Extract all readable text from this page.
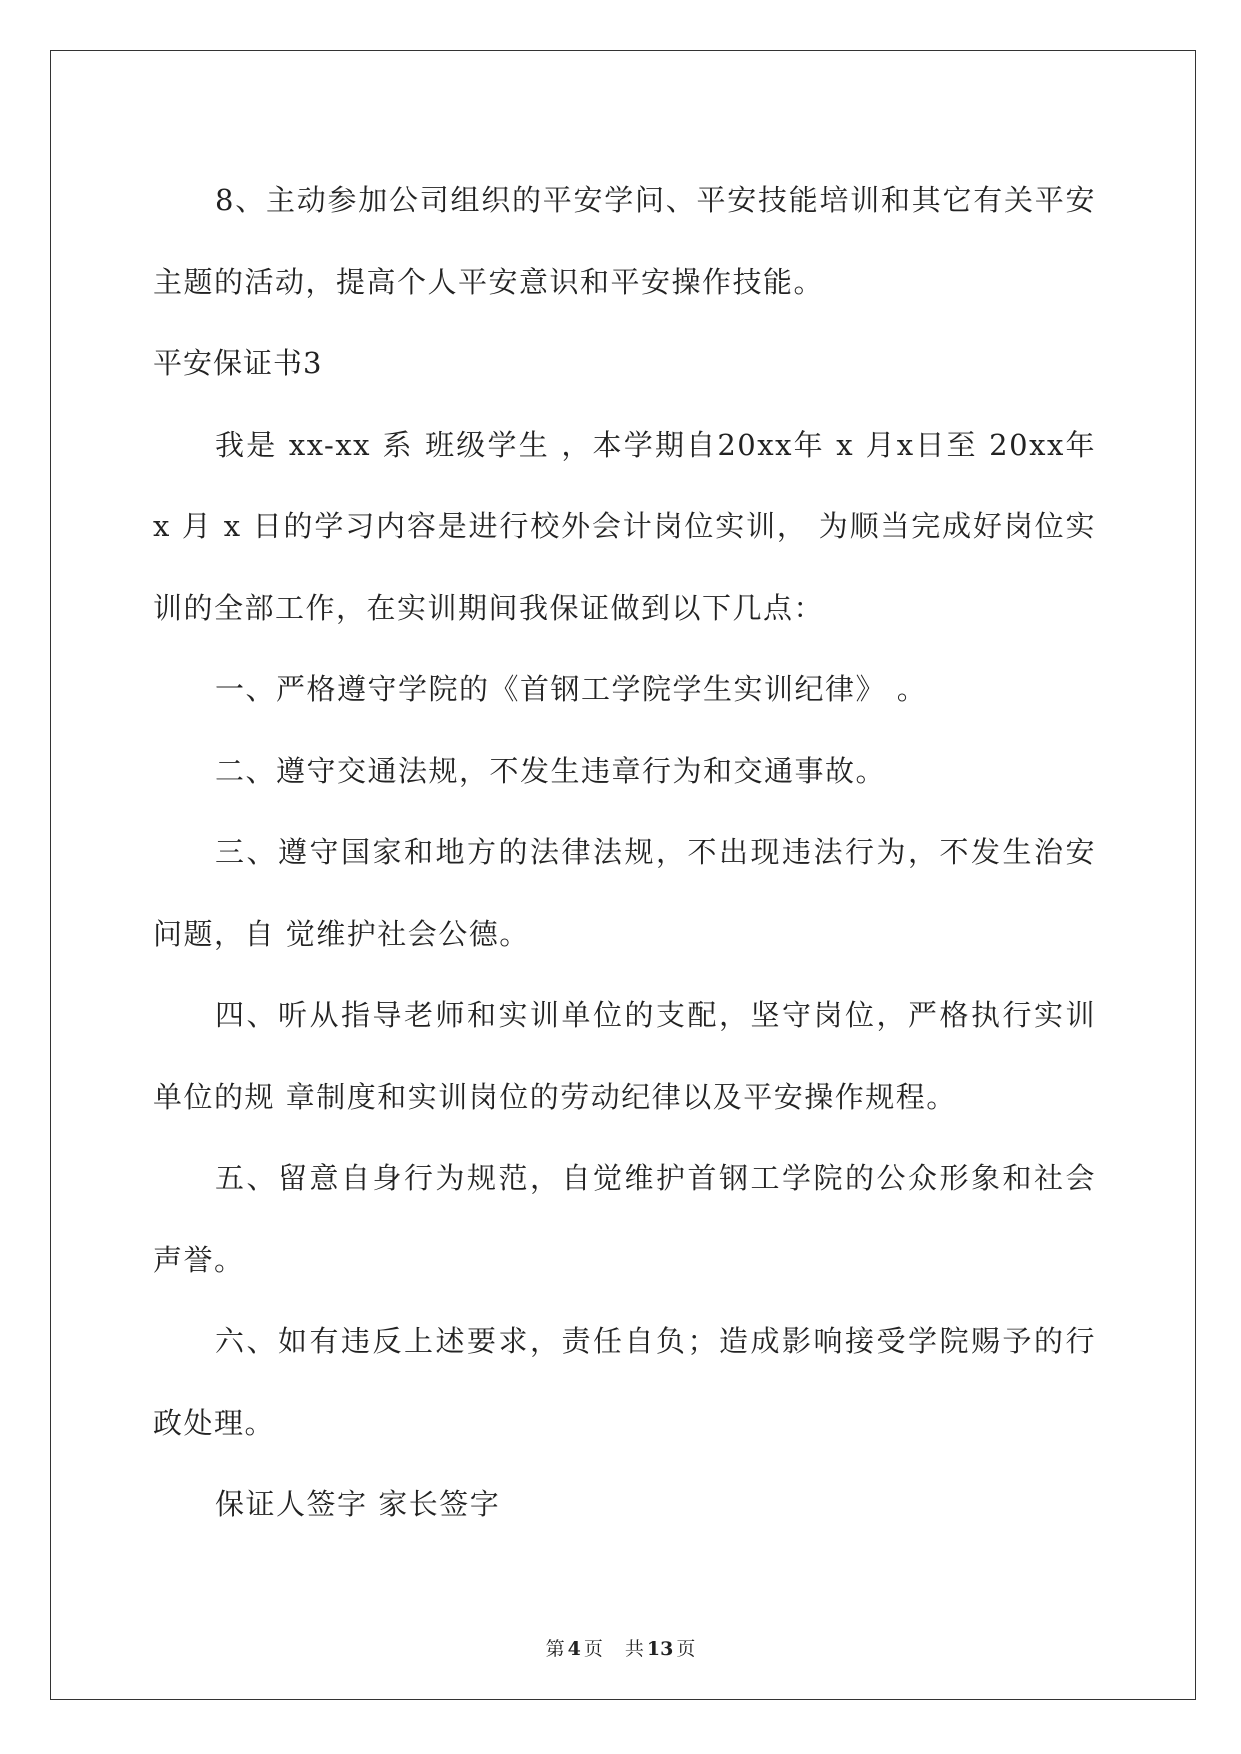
8、主动参加公司组织的平安学问、平安技能培训和其它有关平安主题的活动，提高个人平安意识和平安操作技能。

平安保证书3

我是 xx-xx 系 班级学生 ，本学期自20xx年 x 月x日至 20xx年 x 月 x 日的学习内容是进行校外会计岗位实训， 为顺当完成好岗位实训的全部工作，在实训期间我保证做到以下几点：

一、严格遵守学院的《首钢工学院学生实训纪律》 。

二、遵守交通法规，不发生违章行为和交通事故。

三、遵守国家和地方的法律法规，不出现违法行为，不发生治安问题，自 觉维护社会公德。

四、听从指导老师和实训单位的支配，坚守岗位，严格执行实训单位的规 章制度和实训岗位的劳动纪律以及平安操作规程。

五、留意自身行为规范，自觉维护首钢工学院的公众形象和社会声誉。

六、如有违反上述要求，责任自负；造成影响接受学院赐予的行政处理。

保证人签字 家长签字

第 4 页 共 13 页
